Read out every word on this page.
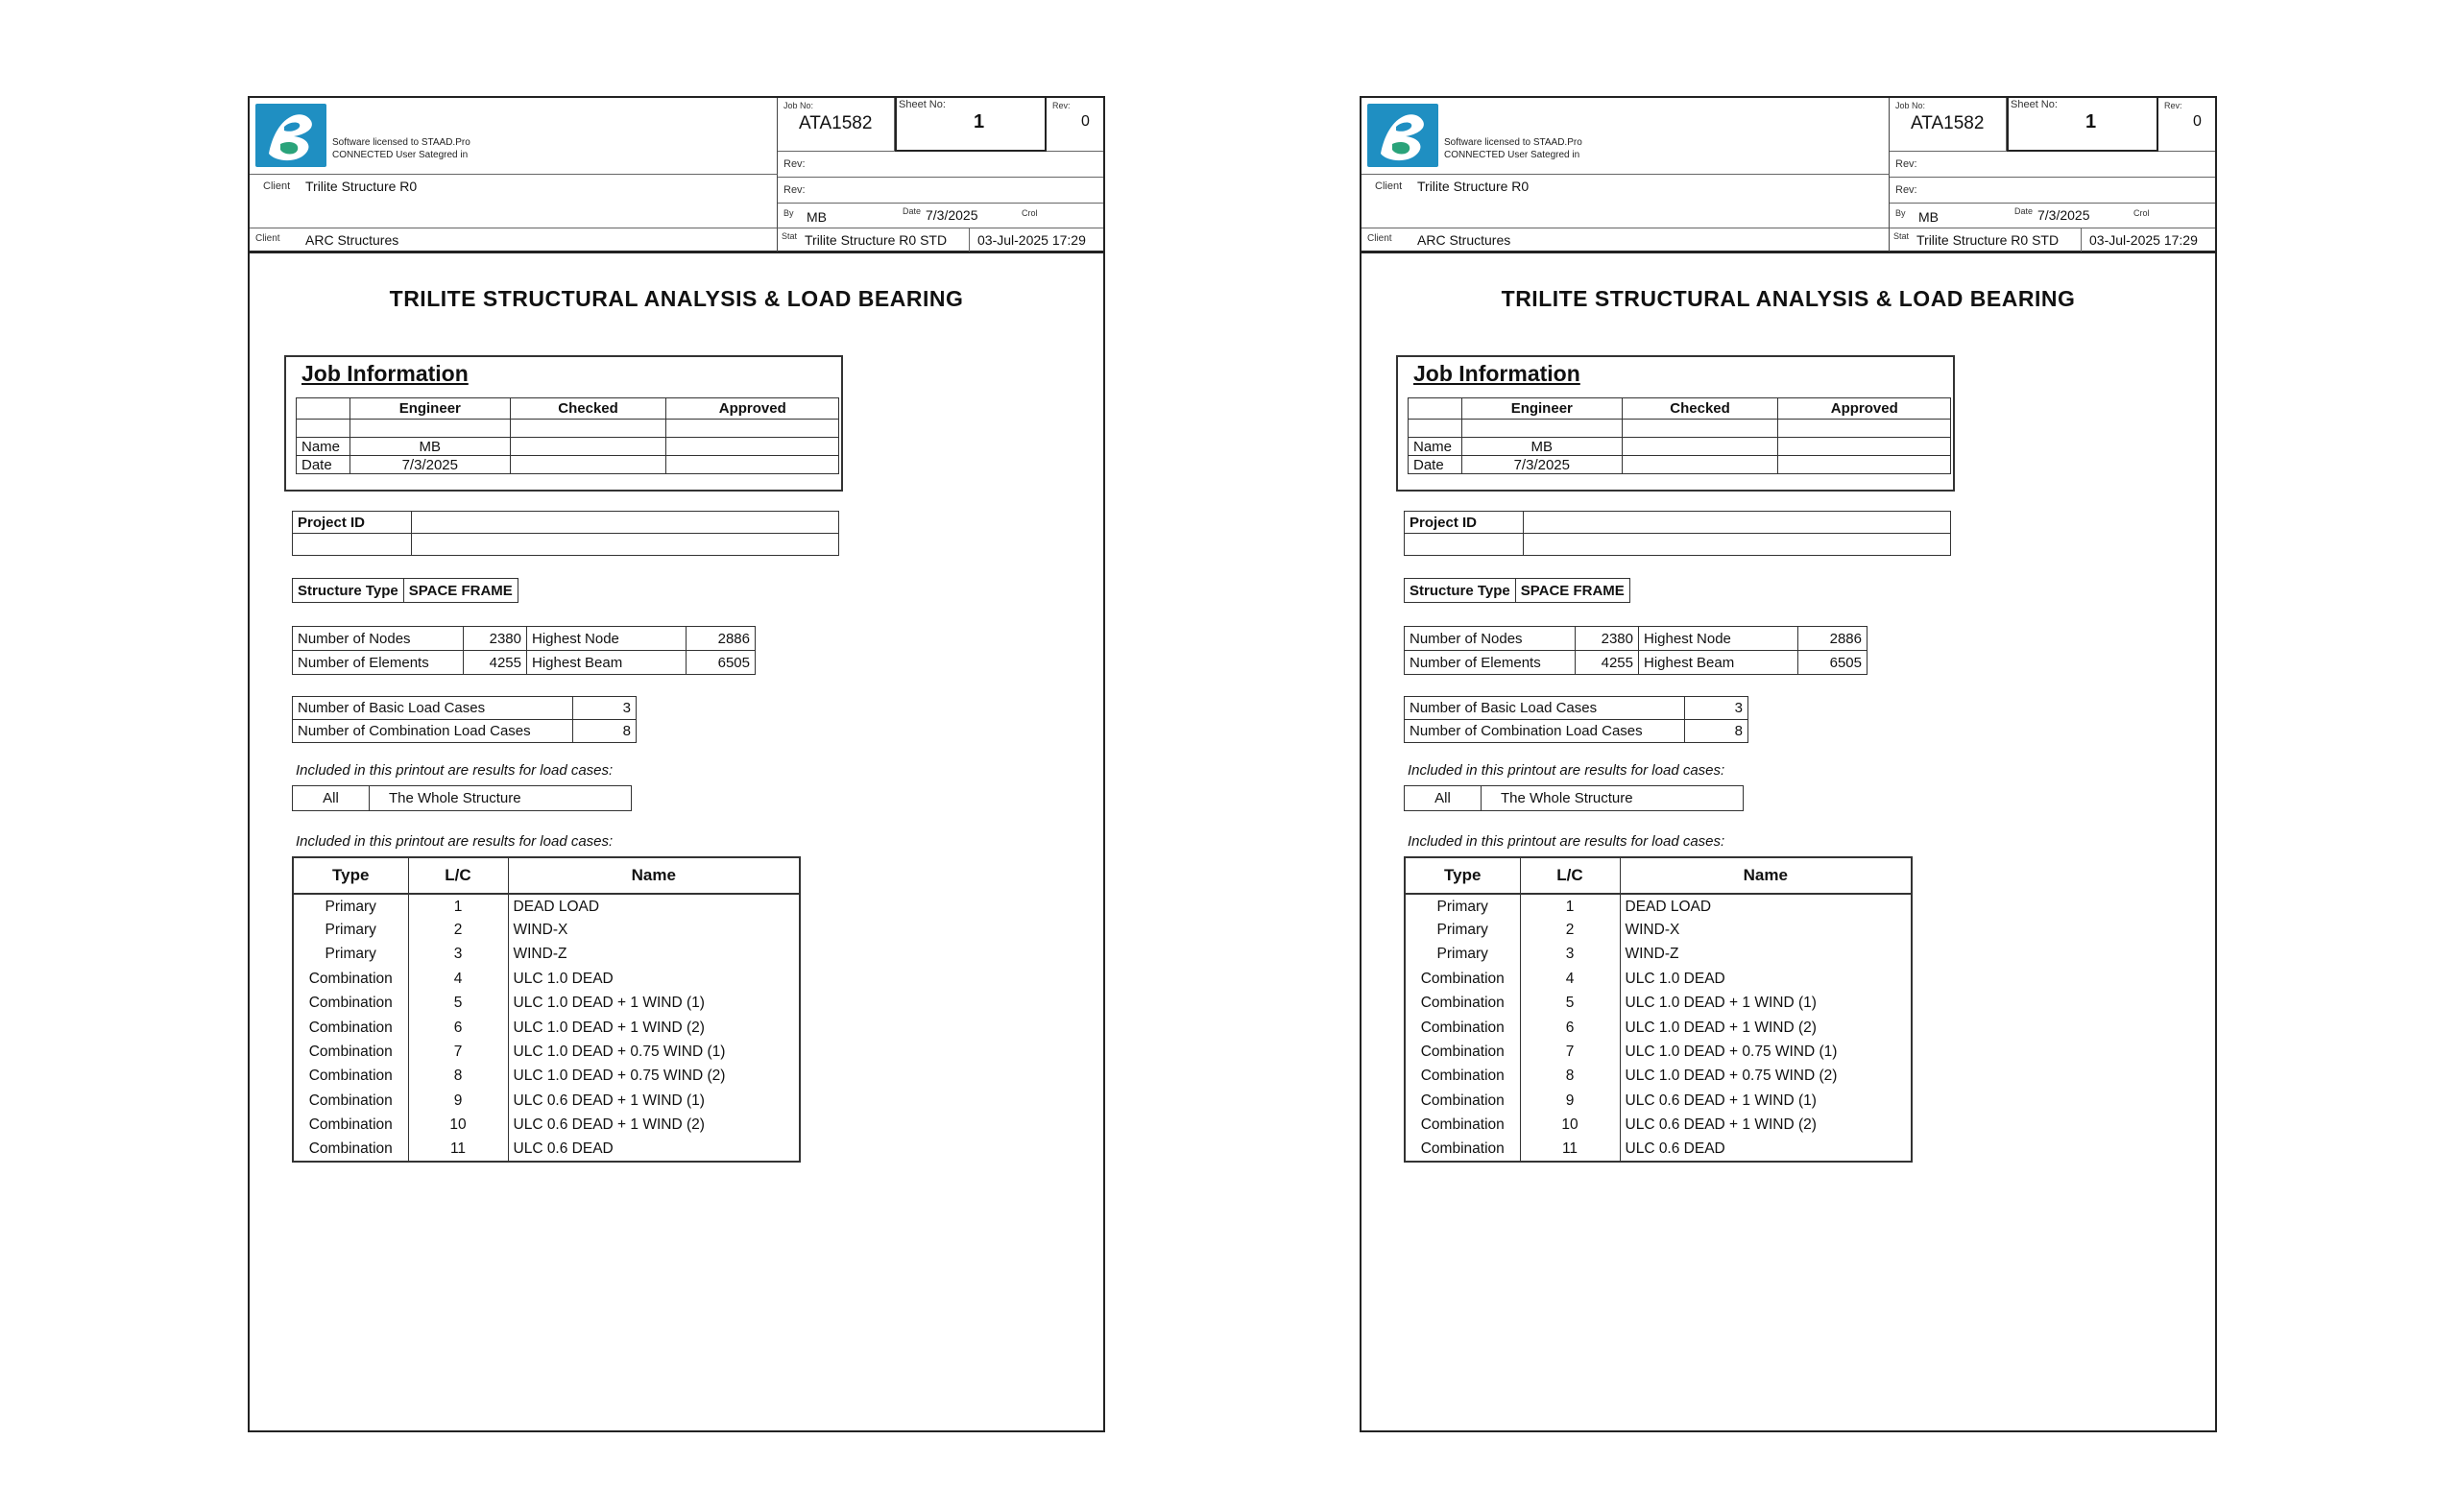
Software licensed to STAAD.Pro
CONNECTED User Sategred in
Client Trilite Structure R0
Client ARC Structures
Job No:
ATA1582
Sheet No:
1
Rev:
0
Rev:
Rev:
By MB	Date 7/3/2025	Crol
Stat Trilite Structure R0 STD 03-Jul-2025 17:29
TRILITE STRUCTURAL ANALYSIS & LOAD BEARING
Job Information
	Engineer	Checked	Approved

Name	MB		
Date	7/3/2025		
Project ID	

Structure Type	SPACE FRAME
Number of Nodes	2380	Highest Node	2886
Number of Elements	4255	Highest Beam	6505
Number of Basic Load Cases	3
Number of Combination Load Cases	8
Included in this printout are results for load cases:
All	The Whole Structure
Included in this printout are results for load cases:
Type	L/C	Name
Primary	1	DEAD LOAD
Primary	2	WIND-X
Primary	3	WIND-Z
Combination	4	ULC 1.0 DEAD
Combination	5	ULC 1.0 DEAD + 1 WIND (1)
Combination	6	ULC 1.0 DEAD + 1 WIND (2)
Combination	7	ULC 1.0 DEAD + 0.75 WIND (1)
Combination	8	ULC 1.0 DEAD + 0.75 WIND (2)
Combination	9	ULC 0.6 DEAD + 1 WIND (1)
Combination	10	ULC 0.6 DEAD + 1 WIND (2)
Combination	11	ULC 0.6 DEAD
Software licensed to STAAD.Pro
CONNECTED User Sategred in
Client Trilite Structure R0
Client ARC Structures
Job No:
ATA1582
Sheet No:
1
Rev:
0
Rev:
Rev:
By MB	Date 7/3/2025	Crol
Stat Trilite Structure R0 STD 03-Jul-2025 17:29
TRILITE STRUCTURAL ANALYSIS & LOAD BEARING
Job Information
	Engineer	Checked	Approved

Name	MB		
Date	7/3/2025		
Project ID	

Structure Type	SPACE FRAME
Number of Nodes	2380	Highest Node	2886
Number of Elements	4255	Highest Beam	6505
Number of Basic Load Cases	3
Number of Combination Load Cases	8
Included in this printout are results for load cases:
All	The Whole Structure
Included in this printout are results for load cases:
Type	L/C	Name
Primary	1	DEAD LOAD
Primary	2	WIND-X
Primary	3	WIND-Z
Combination	4	ULC 1.0 DEAD
Combination	5	ULC 1.0 DEAD + 1 WIND (1)
Combination	6	ULC 1.0 DEAD + 1 WIND (2)
Combination	7	ULC 1.0 DEAD + 0.75 WIND (1)
Combination	8	ULC 1.0 DEAD + 0.75 WIND (2)
Combination	9	ULC 0.6 DEAD + 1 WIND (1)
Combination	10	ULC 0.6 DEAD + 1 WIND (2)
Combination	11	ULC 0.6 DEAD
